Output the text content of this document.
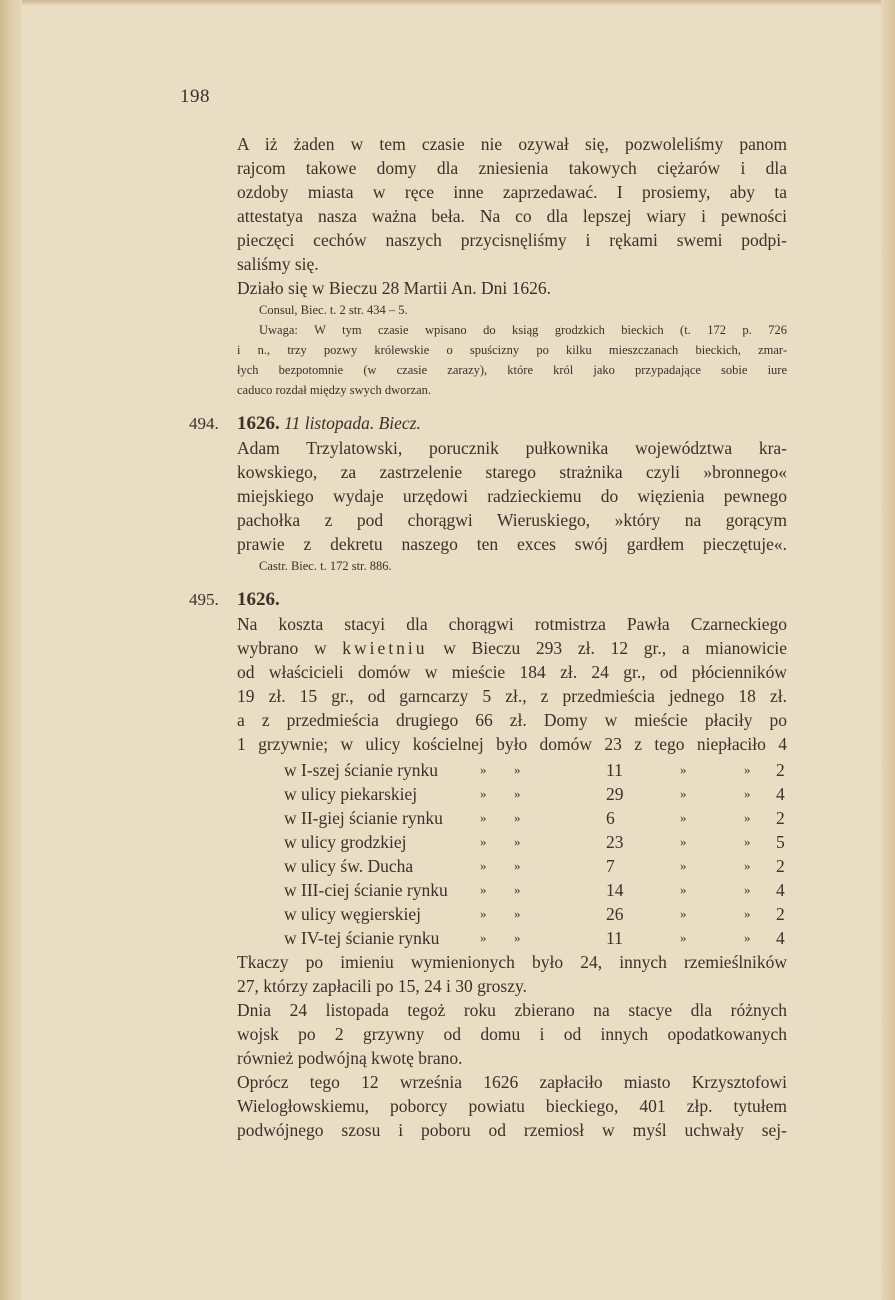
198
A iż żaden w tem czasie nie ozywał się, pozwoleliśmy panom
rajcom takowe domy dla zniesienia takowych ciężarów i dla
ozdoby miasta w ręce inne zaprzedawać. I prosiemy, aby ta
attestatya nasza ważna beła. Na co dla lepszej wiary i pewności
pieczęci cechów naszych przycisnęliśmy i rękami swemi podpi-
saliśmy się.
Działo się w Bieczu 28 Martii An. Dni 1626.
Consul, Biec. t. 2 str. 434 – 5.
Uwaga: W tym czasie wpisano do ksiąg grodzkich bieckich (t. 172 p. 726
i n., trzy pozwy królewskie o spuścizny po kilku mieszczanach bieckich, zmar-
łych bezpotomnie (w czasie zarazy), które król jako przypadające sobie iure
caduco rozdał między swych dworzan.
494. 1626. 11 listopada. Biecz.
Adam Trzylatowski, porucznik pułkownika województwa kra-
kowskiego, za zastrzelenie starego strażnika czyli »bronnego«
miejskiego wydaje urzędowi radzieckiemu do więzienia pewnego
pachołka z pod chorągwi Wieruskiego, »który na gorącym
prawie z dekretu naszego ten exces swój gardłem pieczętuje«.
Castr. Biec. t. 172 str. 886.
495. 1626.
Na koszta stacyi dla chorągwi rotmistrza Pawła Czarneckiego
wybrano w kwietniu w Bieczu 293 zł. 12 gr., a mianowicie
od właścicieli domów w mieście 184 zł. 24 gr., od płócienników
19 zł. 15 gr., od garncarzy 5 zł., z przedmieścia jednego 18 zł.
a z przedmieścia drugiego 66 zł. Domy w mieście płaciły po
1 grzywnie; w ulicy kościelnej było domów 23 z tego niepłaciło 4
w I-szej ścianie rynku	» »	11	»	» 2
w ulicy piekarskiej	» »	29	»	» 4
w II-giej ścianie rynku	» »	6	»	» 2
w ulicy grodzkiej	» »	23	»	» 5
w ulicy św. Ducha	» »	7	»	» 2
w III-ciej ścianie rynku » »	14	»	» 4
w ulicy węgierskiej	» »	26	»	» 2
w IV-tej ścianie rynku	» »	11	»	» 4
Tkaczy po imieniu wymienionych było 24, innych rzemieślników
27, którzy zapłacili po 15, 24 i 30 groszy.
Dnia 24 listopada tegoż roku zbierano na stacye dla różnych
wojsk po 2 grzywny od domu i od innych opodatkowanych
również podwójną kwotę brano.
Oprócz tego 12 września 1626 zapłaciło miasto Krzysztofowi
Wielogłowskiemu, poborcy powiatu bieckiego, 401 złp. tytułem
podwójnego szosu i poboru od rzemiosł w myśl uchwały sej-
